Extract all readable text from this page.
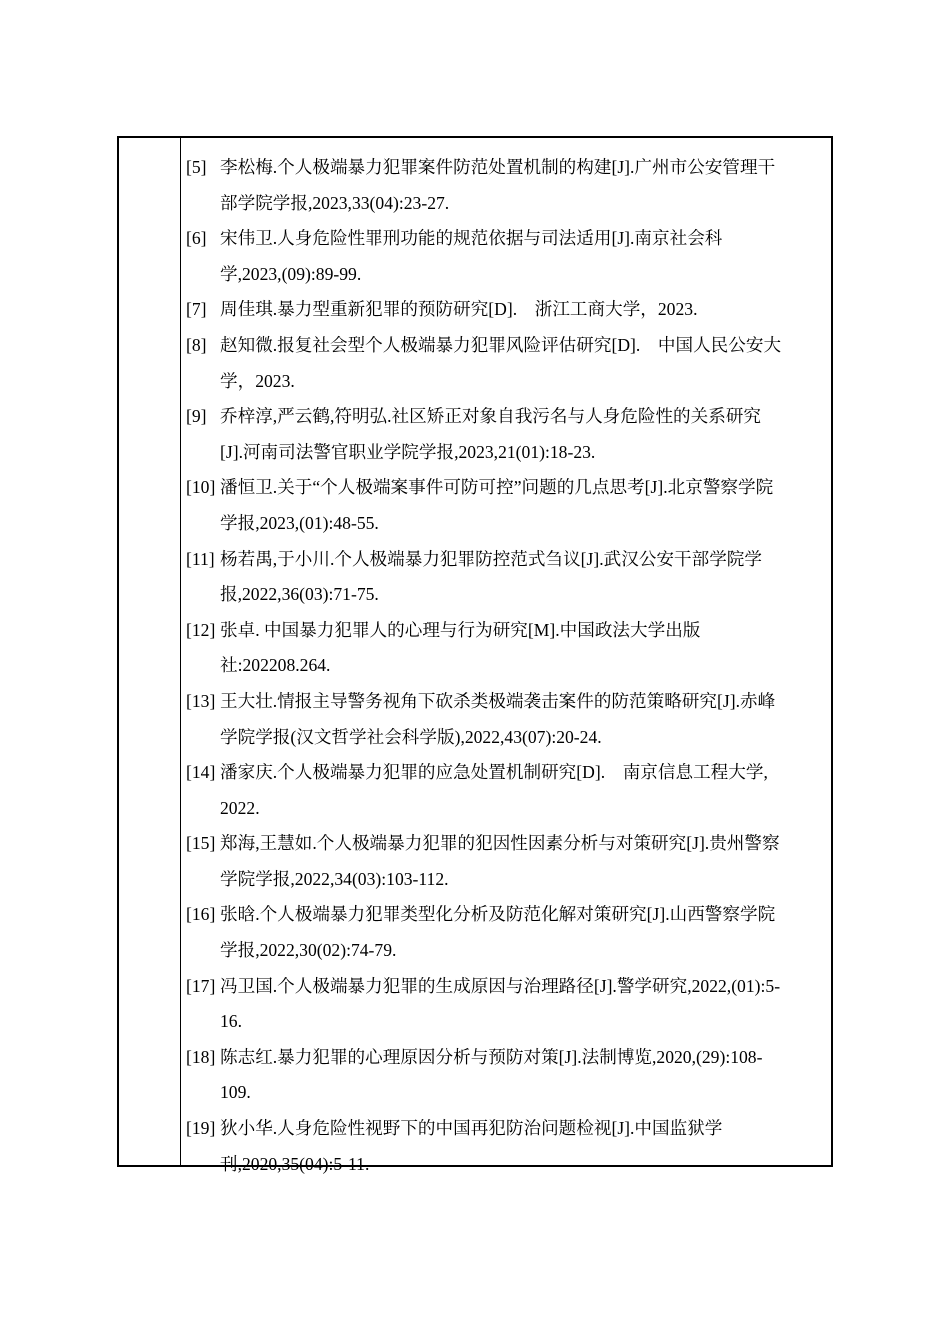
[5] 李松梅.个人极端暴力犯罪案件防范处置机制的构建[J].广州市公安管理干
部学院学报,2023,33(04):23-27.
[6] 宋伟卫.人身危险性罪刑功能的规范依据与司法适用[J].南京社会科
学,2023,(09):89-99.
[7] 周佳琪.暴力型重新犯罪的预防研究[D].　浙江工商大学，2023.
[8] 赵知微.报复社会型个人极端暴力犯罪风险评估研究[D].　中国人民公安大
学，2023.
[9] 乔梓淳,严云鹤,符明弘.社区矫正对象自我污名与人身危险性的关系研究
[J].河南司法警官职业学院学报,2023,21(01):18-23.
[10] 潘恒卫.关于“个人极端案事件可防可控”问题的几点思考[J].北京警察学院
学报,2023,(01):48-55.
[11] 杨若禺,于小川.个人极端暴力犯罪防控范式刍议[J].武汉公安干部学院学
报,2022,36(03):71-75.
[12] 张卓. 中国暴力犯罪人的心理与行为研究[M].中国政法大学出版
社:202208.264.
[13] 王大壮.情报主导警务视角下砍杀类极端袭击案件的防范策略研究[J].赤峰
学院学报(汉文哲学社会科学版),2022,43(07):20-24.
[14] 潘家庆.个人极端暴力犯罪的应急处置机制研究[D].　南京信息工程大学,
2022.
[15] 郑海,王慧如.个人极端暴力犯罪的犯因性因素分析与对策研究[J].贵州警察
学院学报,2022,34(03):103-112.
[16] 张晗.个人极端暴力犯罪类型化分析及防范化解对策研究[J].山西警察学院
学报,2022,30(02):74-79.
[17] 冯卫国.个人极端暴力犯罪的生成原因与治理路径[J].警学研究,2022,(01):5-
16.
[18] 陈志红.暴力犯罪的心理原因分析与预防对策[J].法制博览,2020,(29):108-
109.
[19] 狄小华.人身危险性视野下的中国再犯防治问题检视[J].中国监狱学
刊,2020,35(04):5-11.
